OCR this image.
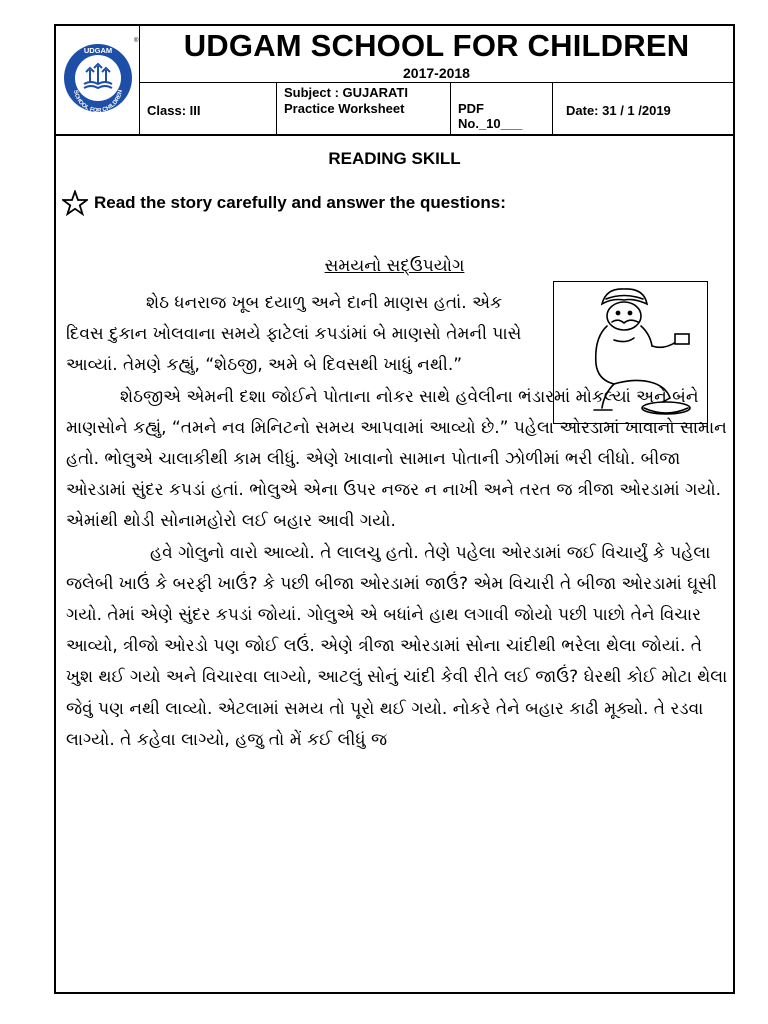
UDGAM
SCHOOL FOR CHILDREN
®	UDGAM SCHOOL FOR CHILDREN
2017-2018
Class: III
Subject : GUJARATI
Practice Worksheet	PDF
No._10___
Date: 31 / 1 /2019
READING SKILL
Read the story carefully and answer the questions:
સમયનો સદ્ઉપયોગ

શેઠ ધનરાજ ખૂબ દયાળુ અને દાની માણસ હતાં. એક દિવસ દુકાન ખોલવાના સમયે ફાટેલાં કપડાંમાં બે માણસો તેમની પાસે આવ્યાં. તેમણે કહ્યું, “શેઠજી, અમે બે દિવસથી ખાધું નથી.”

શેઠજીએ એમની દશા જોઈને પોતાના નોકર સાથે હવેલીના ભંડારમાં મોકલ્યાં અને બંને માણસોને કહ્યું, “તમને નવ મિનિટનો સમય આપવામાં આવ્યો છે.” પહેલા ઓરડામાં ખાવાનો સામાન હતો. ભોલુએ ચાલાકીથી કામ લીધું. એણે ખાવાનો સામાન પોતાની ઝોળીમાં ભરી લીધો. બીજા ઓરડામાં સુંદર કપડાં હતાં. ભોલુએ એના ઉપર નજર ન નાખી અને તરત જ ત્રીજા ઓરડામાં ગયો. એમાંથી થોડી સોનામહોરો લઈ બહાર આવી ગયો.

હવે ગોલુનો વારો આવ્યો. તે લાલચુ હતો. તેણે પહેલા ઓરડામાં જઈ વિચાર્યું કે પહેલા જલેબી ખાઉં કે બરફી ખાઉં? કે પછી બીજા ઓરડામાં જાઉં? એમ વિચારી તે બીજા ઓરડામાં ઘૂસી ગયો. તેમાં એણે સુંદર કપડાં જોયાં. ગોલુએ એ બધાંને હાથ લગાવી જોયો પછી પાછો તેને વિચાર આવ્યો, ત્રીજો ઓરડો પણ જોઈ લઉં. એણે ત્રીજા ઓરડામાં સોના ચાંદીથી ભરેલા થેલા જોયાં. તે ખુશ થઈ ગયો અને વિચારવા લાગ્યો, આટલું સોનું ચાંદી કેવી રીતે લઈ જાઉં? ઘેરથી કોઈ મોટા થેલા જેવું પણ નથી લાવ્યો. એટલામાં સમય તો પૂરો થઈ ગયો. નોકરે તેને બહાર કાઢી મૂક્યો. તે રડવા લાગ્યો. તે કહેવા લાગ્યો, હજુ તો મેં કઈ લીધું જ
